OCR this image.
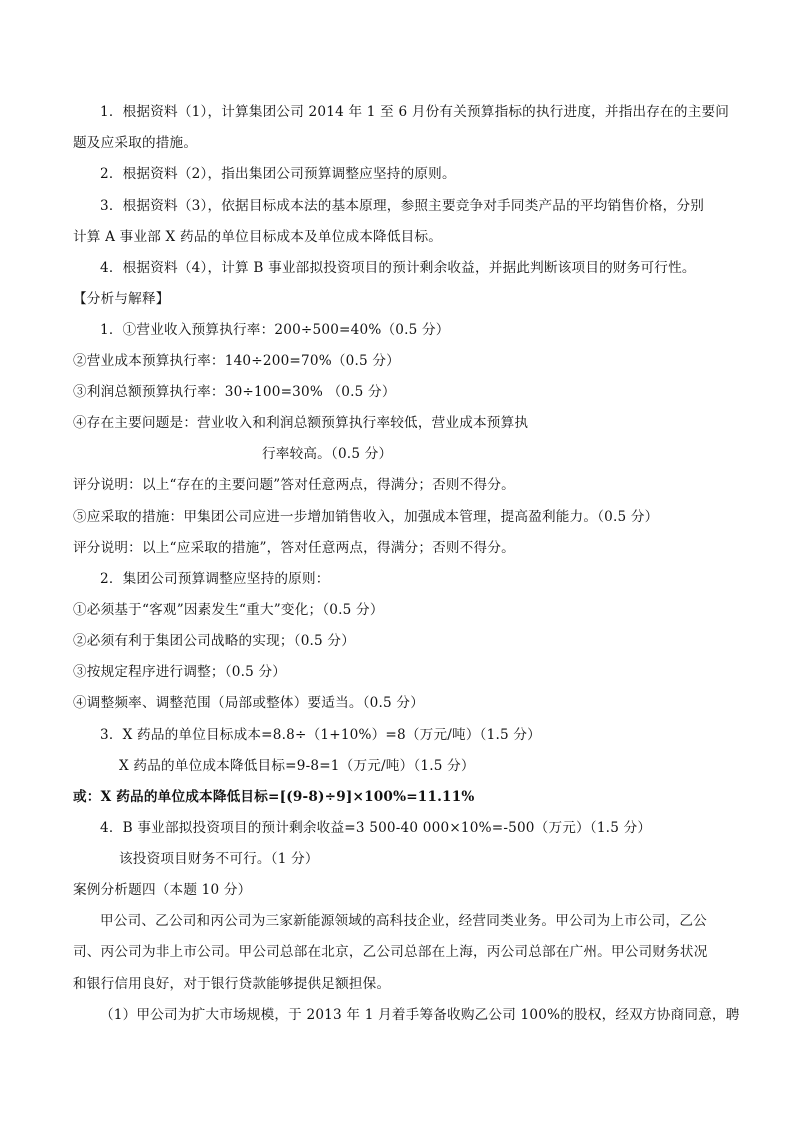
1．根据资料（1），计算集团公司 2014 年 1 至 6 月份有关预算指标的执行进度，并指出存在的主要问
题及应采取的措施。
2．根据资料（2），指出集团公司预算调整应坚持的原则。
3．根据资料（3），依据目标成本法的基本原理，参照主要竞争对手同类产品的平均销售价格，分别
计算 A 事业部 X 药品的单位目标成本及单位成本降低目标。
4．根据资料（4），计算 B 事业部拟投资项目的预计剩余收益，并据此判断该项目的财务可行性。
【分析与解释】
1．①营业收入预算执行率：200÷500=40%（0.5 分）
②营业成本预算执行率：140÷200=70%（0.5 分）
③利润总额预算执行率：30÷100=30% （0.5 分）
④存在主要问题是：营业收入和利润总额预算执行率较低，营业成本预算执
行率较高。（0.5 分）
评分说明：以上“存在的主要问题”答对任意两点，得满分；否则不得分。
⑤应采取的措施：甲集团公司应进一步增加销售收入，加强成本管理，提高盈利能力。（0.5 分）
评分说明：以上“应采取的措施”，答对任意两点，得满分；否则不得分。
2．集团公司预算调整应坚持的原则：
①必须基于“客观”因素发生“重大”变化；（0.5 分）
②必须有利于集团公司战略的实现；（0.5 分）
③按规定程序进行调整；（0.5 分）
④调整频率、调整范围（局部或整体）要适当。（0.5 分）
3．X 药品的单位目标成本=8.8÷（1+10%）=8（万元/吨）（1.5 分）
X 药品的单位成本降低目标=9-8=1（万元/吨）（1.5 分）
或：X 药品的单位成本降低目标=[(9-8)÷9]×100%=11.11%
4．B 事业部拟投资项目的预计剩余收益=3 500-40 000×10%=-500（万元）（1.5 分）
该投资项目财务不可行。（1 分）
案例分析题四（本题 10 分）
甲公司、乙公司和丙公司为三家新能源领域的高科技企业，经营同类业务。甲公司为上市公司，乙公
司、丙公司为非上市公司。甲公司总部在北京，乙公司总部在上海，丙公司总部在广州。甲公司财务状况
和银行信用良好，对于银行贷款能够提供足额担保。
（1）甲公司为扩大市场规模，于 2013 年 1 月着手筹备收购乙公司 100%的股权，经双方协商同意，聘
